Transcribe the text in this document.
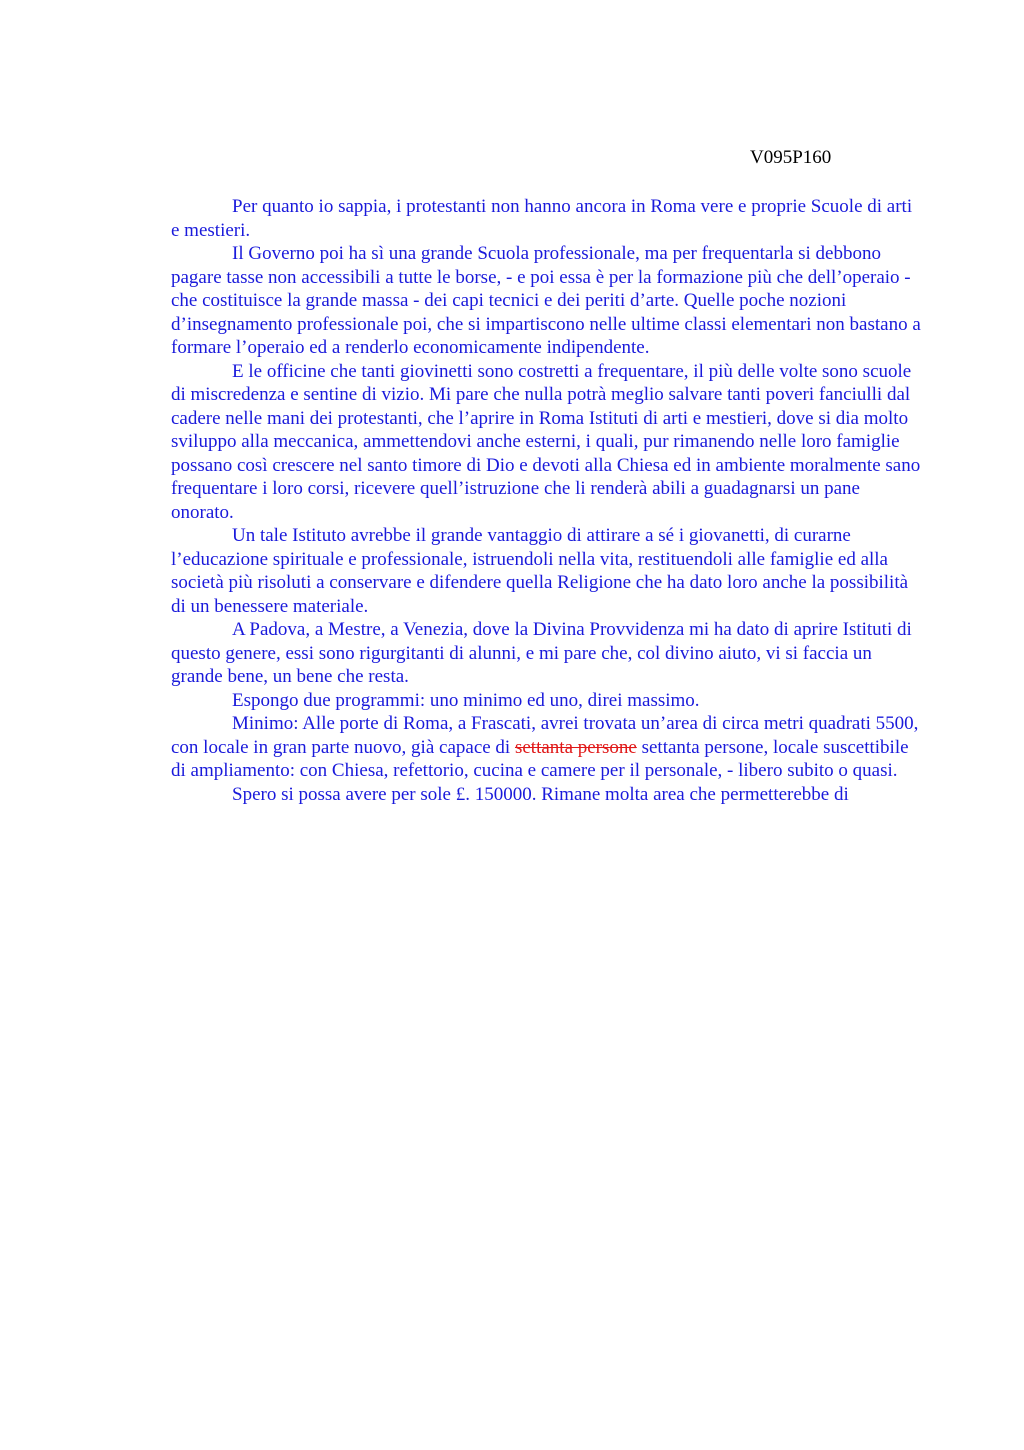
V095P160

Per quanto io sappia, i protestanti non hanno ancora in Roma vere e proprie Scuole di arti e mestieri.

Il Governo poi ha sì una grande Scuola professionale, ma per frequentarla si debbono pagare tasse non accessibili a tutte le borse, - e poi essa è per la formazione più che dell’operaio - che costituisce la grande massa - dei capi tecnici e dei periti d’arte. Quelle poche nozioni d’insegnamento professionale poi, che si impartiscono nelle ultime classi elementari non bastano a formare l’operaio ed a renderlo economicamente indipendente.

E le officine che tanti giovinetti sono costretti a frequentare, il più delle volte sono scuole di miscredenza e sentine di vizio. Mi pare che nulla potrà meglio salvare tanti poveri fanciulli dal cadere nelle mani dei protestanti, che l’aprire in Roma Istituti di arti e mestieri, dove si dia molto sviluppo alla meccanica, ammettendovi anche esterni, i quali, pur rimanendo nelle loro famiglie possano così crescere nel santo timore di Dio e devoti alla Chiesa ed in ambiente moralmente sano frequentare i loro corsi, ricevere quell’istruzione che li renderà abili a guadagnarsi un pane onorato.

Un tale Istituto avrebbe il grande vantaggio di attirare a sé i giovanetti, di curarne l’educazione spirituale e professionale, istruendoli nella vita, restituendoli alle famiglie ed alla società più risoluti a conservare e difendere quella Religione che ha dato loro anche la possibilità di un benessere materiale.

A Padova, a Mestre, a Venezia, dove la Divina Provvidenza mi ha dato di aprire Istituti di questo genere, essi sono rigurgitanti di alunni, e mi pare che, col divino aiuto, vi si faccia un grande bene, un bene che resta.

Espongo due programmi: uno minimo ed uno, direi massimo.

Minimo: Alle porte di Roma, a Frascati, avrei trovata un’area di circa metri quadrati 5500, con locale in gran parte nuovo, già capace di settanta persone settanta persone, locale suscettibile di ampliamento: con Chiesa, refettorio, cucina e camere per il personale, - libero subito o quasi.

Spero si possa avere per sole £. 150000. Rimane molta area che permetterebbe di
